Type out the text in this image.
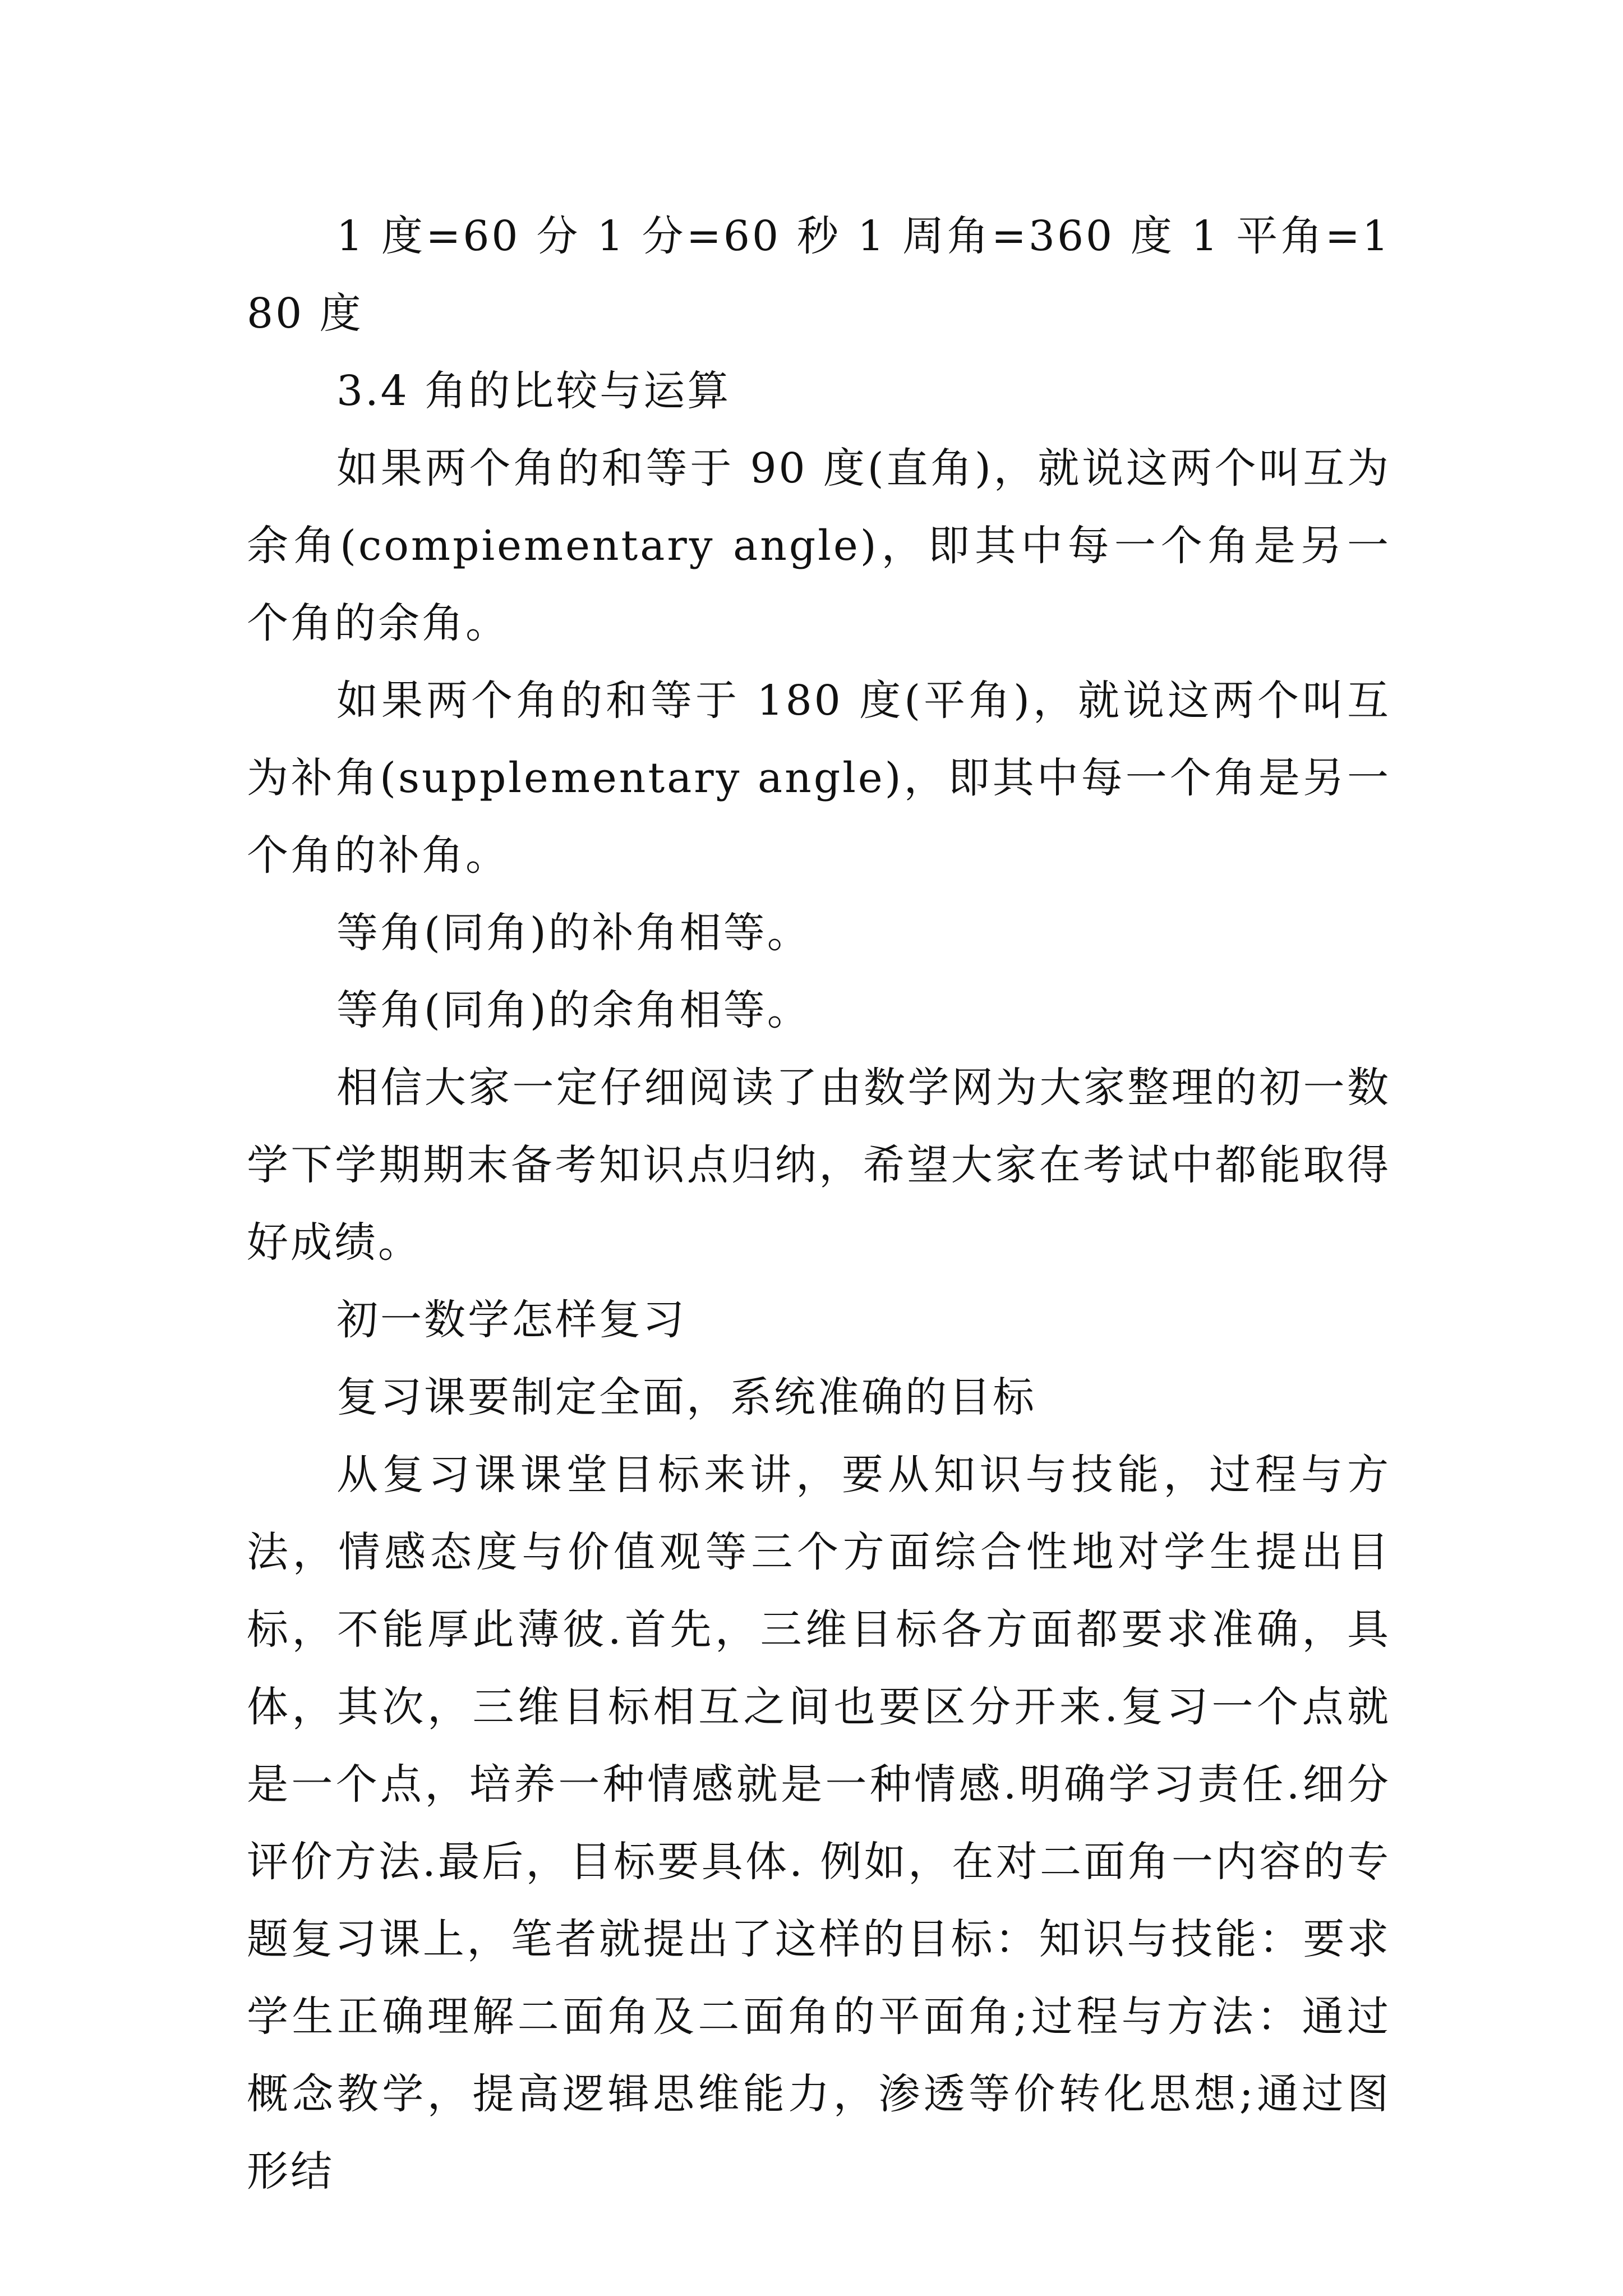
1 度=60 分 1 分=60 秒 1 周角=360 度 1 平角=180 度

3.4 角的比较与运算

如果两个角的和等于 90 度(直角)，就说这两个叫互为余角(compiementary angle)，即其中每一个角是另一个角的余角。

如果两个角的和等于 180 度(平角)，就说这两个叫互为补角(supplementary angle)，即其中每一个角是另一个角的补角。

等角(同角)的补角相等。

等角(同角)的余角相等。

相信大家一定仔细阅读了由数学网为大家整理的初一数学下学期期末备考知识点归纳，希望大家在考试中都能取得好成绩。

初一数学怎样复习

复习课要制定全面，系统准确的目标

从复习课课堂目标来讲，要从知识与技能，过程与方法，情感态度与价值观等三个方面综合性地对学生提出目标，不能厚此薄彼.首先，三维目标各方面都要求准确，具体，其次，三维目标相互之间也要区分开来.复习一个点就是一个点，培养一种情感就是一种情感.明确学习责任.细分评价方法.最后，目标要具体. 例如，在对二面角一内容的专题复习课上，笔者就提出了这样的目标：知识与技能：要求学生正确理解二面角及二面角的平面角;过程与方法：通过概念教学，提高逻辑思维能力，渗透等价转化思想;通过图形结
